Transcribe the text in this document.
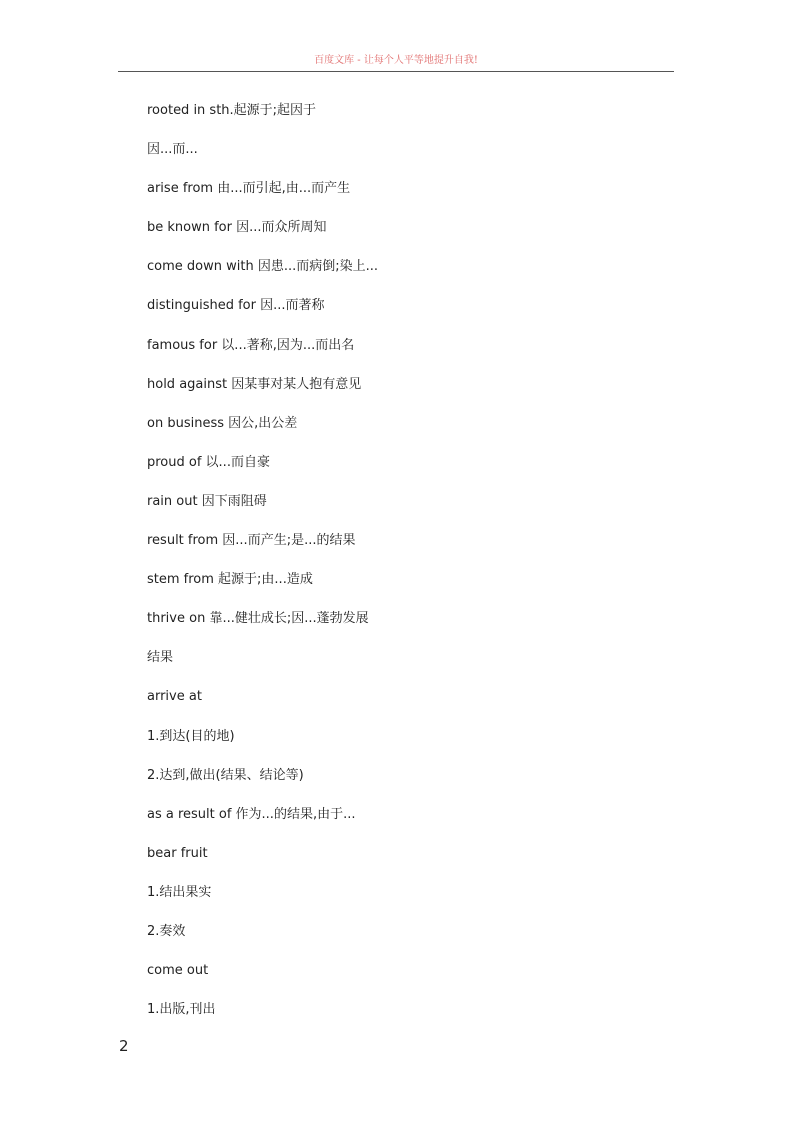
百度文库 - 让每个人平等地提升自我!
rooted in sth.起源于;起因于
因...而...
arise from 由...而引起,由...而产生
be known for 因...而众所周知
come down with 因患...而病倒;染上...
distinguished for 因...而著称
famous for 以...著称,因为...而出名
hold against 因某事对某人抱有意见
on business 因公,出公差
proud of 以...而自豪
rain out 因下雨阻碍
result from 因...而产生;是...的结果
stem from 起源于;由...造成
thrive on 靠...健壮成长;因...蓬勃发展
结果
arrive at
1.到达(目的地)
2.达到,做出(结果、结论等)
as a result of 作为...的结果,由于...
bear fruit
1.结出果实
2.奏效
come out
1.出版,刊出
2
